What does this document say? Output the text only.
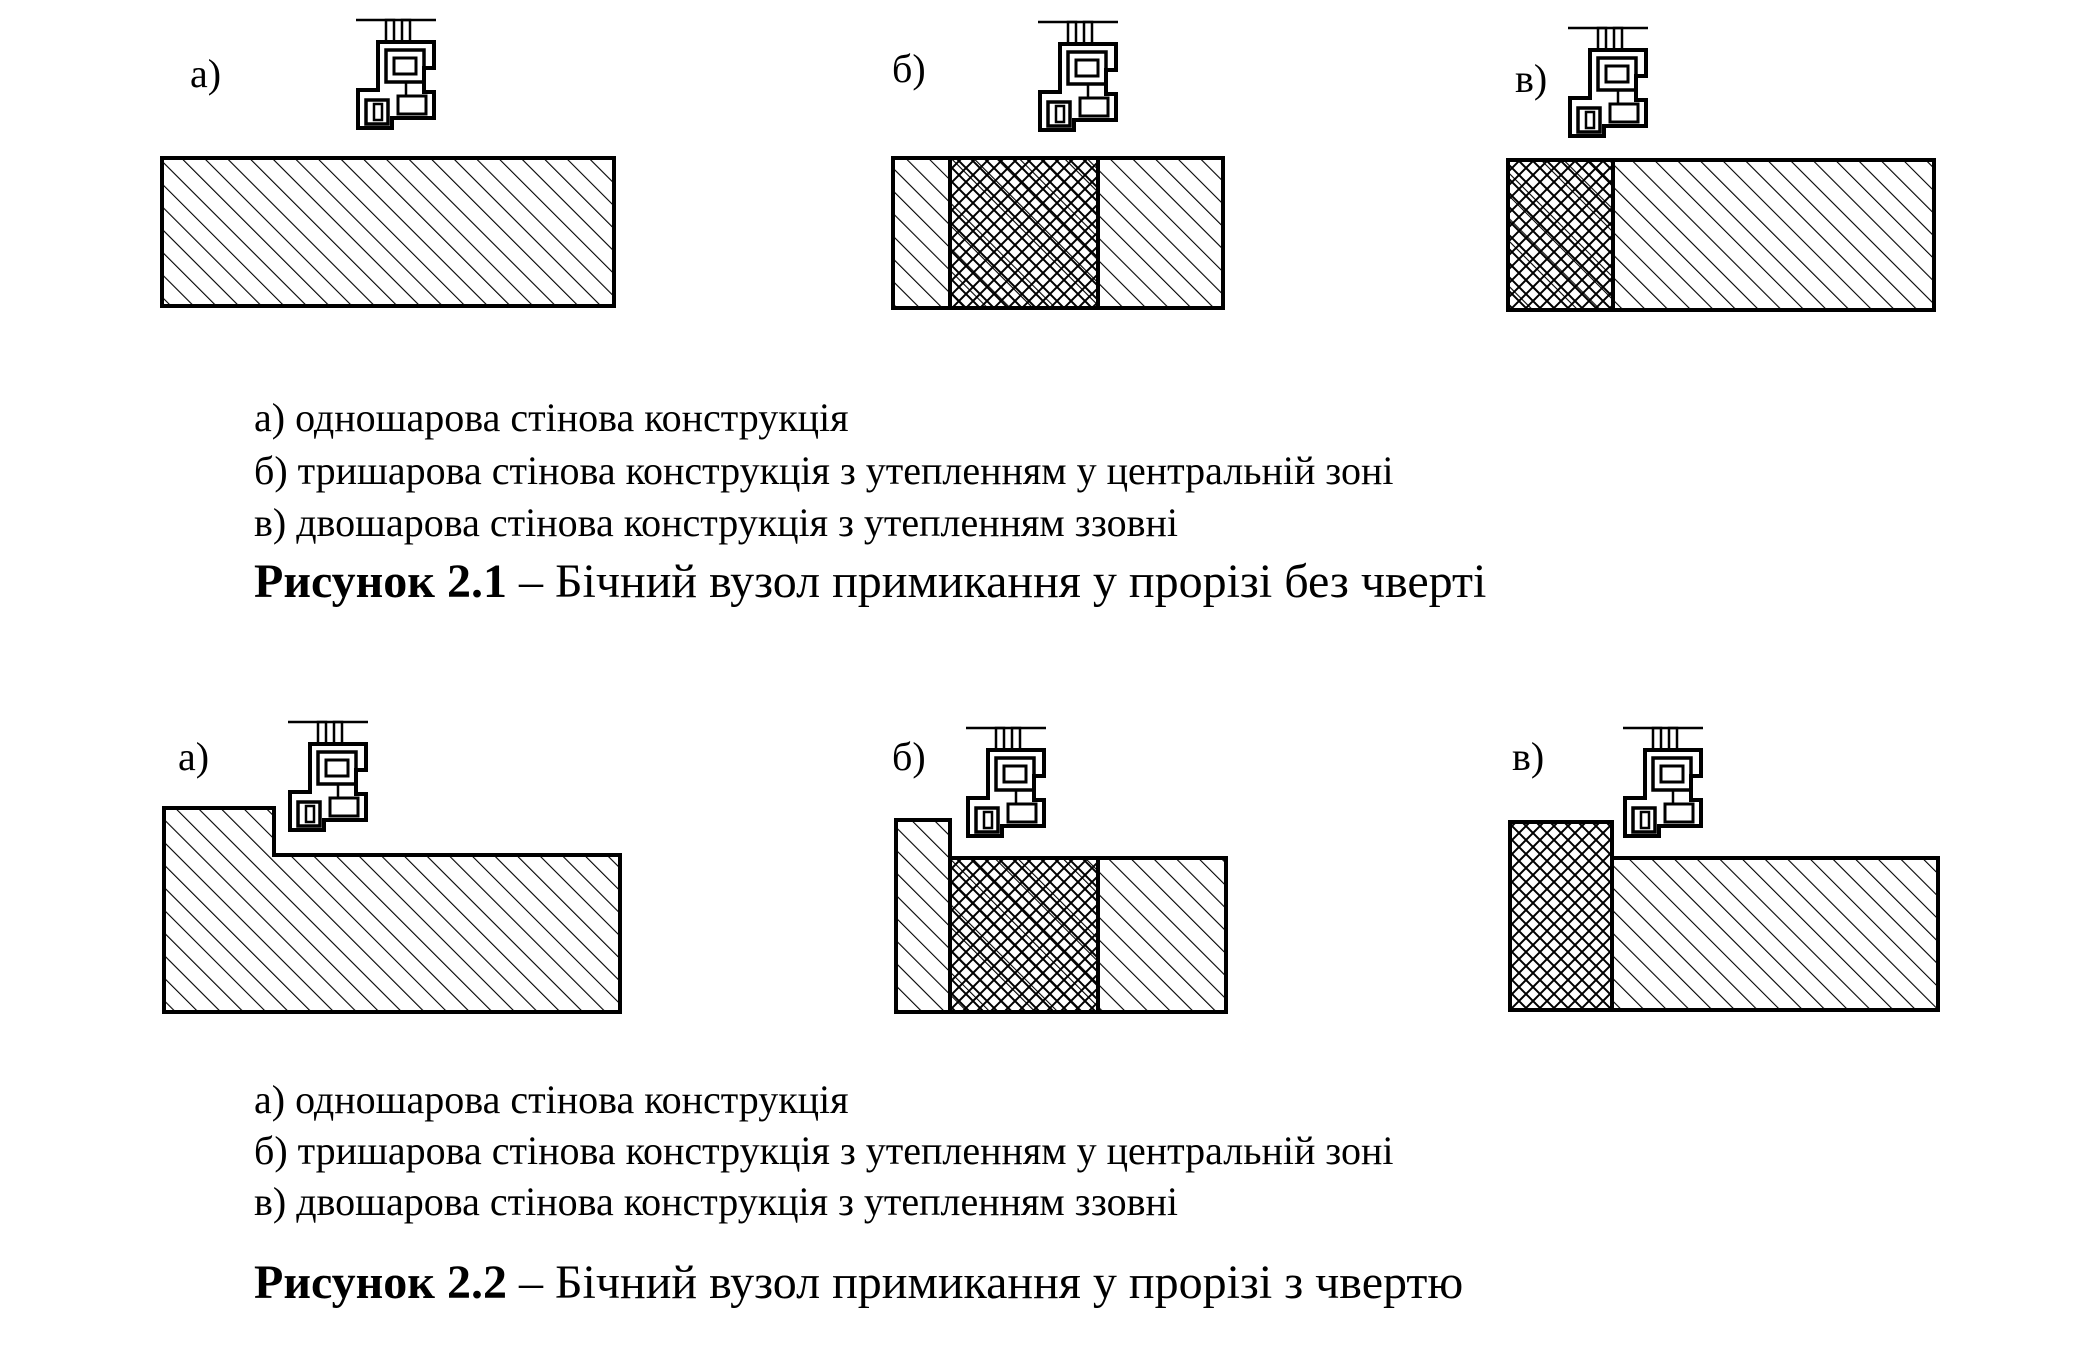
а)	б)	в)
а) одношарова стінова конструкція
б) тришарова стінова конструкція з утепленням у центральній зоні
в) двошарова стінова конструкція з утепленням ззовні
Рисунок 2.1 – Бічний вузол примикання у прорізі без чверті
а)	б)	в)
а) одношарова стінова конструкція
б) тришарова стінова конструкція з утепленням у центральній зоні
в) двошарова стінова конструкція з утепленням ззовні
Рисунок 2.2 – Бічний вузол примикання у прорізі з чвертю
